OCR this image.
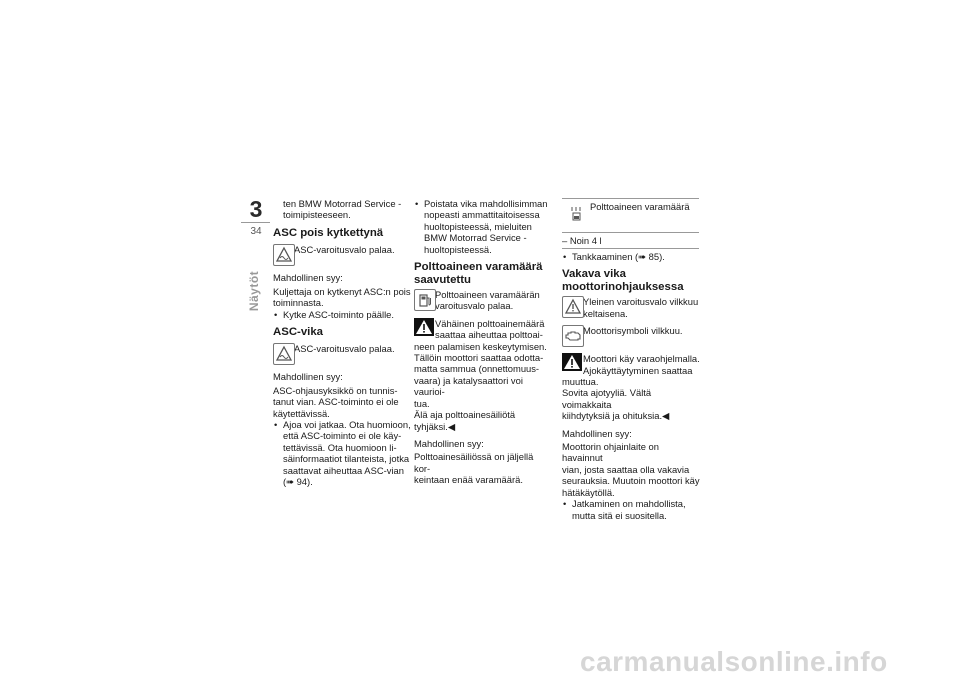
3
34
Näytöt

ten BMW Motorrad Service -

toimipisteeseen.

ASC pois kytkettynä

ASC-varoitusvalo palaa.

Mahdollinen syy:

Kuljettaja on kytkenyt ASC:n pois

toiminnasta.

• Kytke ASC-toiminto päälle.

ASC-vika

ASC-varoitusvalo palaa.

Mahdollinen syy:

ASC-ohjausyksikkö on tunnis-

tanut vian. ASC-toiminto ei ole

käytettävissä.

• Ajoa voi jatkaa. Ota huomioon,

että ASC-toiminto ei ole käy-

tettävissä. Ota huomioon li-

säinformaatiot tilanteista, jotka

saattavat aiheuttaa ASC-vian

(➠ 94).

• Poistata vika mahdollisimman

nopeasti ammattitaitoisessa

huoltopisteessä, mieluiten

BMW Motorrad Service -

huoltopisteessä.

Polttoaineen varamäärä
saavutettu

Polttoaineen varamäärän

varoitusvalo palaa.

Vähäinen polttoainemäärä

saattaa aiheuttaa polttoai-

neen palamisen keskeytymisen.

Tällöin moottori saattaa odotta-

matta sammua (onnettomuus-

vaara) ja katalysaattori voi vaurioi-

tua.

Älä aja polttoainesäiliötä

tyhjäksi.◀

Mahdollinen syy:

Polttoainesäiliössä on jäljellä kor-

keintaan enää varamäärä.

Polttoaineen varamäärä

– Noin 4 l

• Tankkaaminen (➠ 85).

Vakava vika
moottorinohjauksessa

Yleinen varoitusvalo vilkkuu

keltaisena.

Moottorisymboli vilkkuu.

Moottori käy varaohjelmalla.

Ajokäyttäytyminen saattaa

muuttua.

Sovita ajotyyliä. Vältä voimakkaita

kiihdytyksiä ja ohituksia.◀

Mahdollinen syy:

Moottorin ohjainlaite on havainnut

vian, josta saattaa olla vakavia

seurauksia. Muutoin moottori käy

hätäkäytöllä.

• Jatkaminen on mahdollista,

mutta sitä ei suositella.

carmanualsonline.info
